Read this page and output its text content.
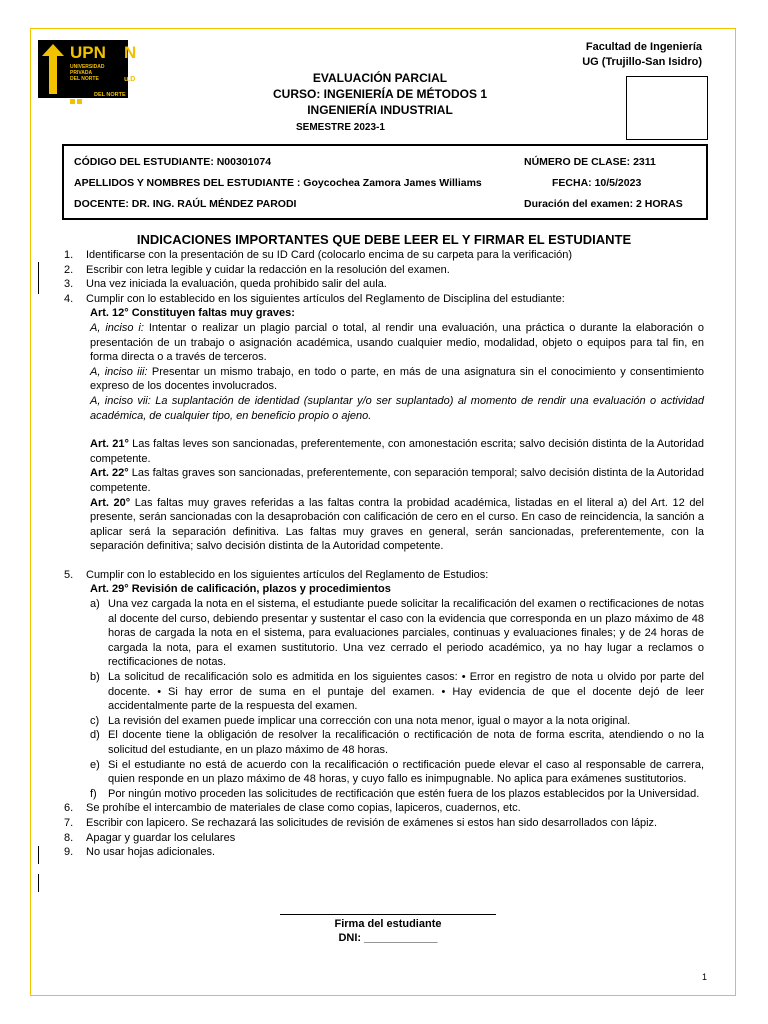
UPN N
UNIVERSIDAD PRIVADA DEL NORTE	u.D
DEL NORTE
Facultad de Ingeniería
UG (Trujillo-San Isidro)
EVALUACIÓN PARCIAL
CURSO: INGENIERÍA DE MÉTODOS 1
INGENIERÍA INDUSTRIAL
SEMESTRE 2023-1
CÓDIGO DEL ESTUDIANTE: N00301074	NÚMERO DE CLASE: 2311
APELLIDOS Y NOMBRES DEL ESTUDIANTE : Goycochea Zamora James Williams	FECHA: 10/5/2023
DOCENTE: DR. ING. RAÚL MÉNDEZ PARODI	Duración del examen: 2 HORAS
INDICACIONES IMPORTANTES QUE DEBE LEER EL Y FIRMAR EL ESTUDIANTE
1.	Identificarse con la presentación de su ID Card (colocarlo encima de su carpeta para la verificación)
2.	Escribir con letra legible y cuidar la redacción en la resolución del examen.
3.	Una vez iniciada la evaluación, queda prohibido salir del aula.
4.	Cumplir con lo establecido en los siguientes artículos del Reglamento de Disciplina del estudiante:
Art. 12° Constituyen faltas muy graves:
A, inciso i: Intentar o realizar un plagio parcial o total, al rendir una evaluación, una práctica o durante la elaboración o presentación de un trabajo o asignación académica, usando cualquier medio, modalidad, objeto o equipos para tal fin, en forma directa o a través de terceros.
A, inciso iii: Presentar un mismo trabajo, en todo o parte, en más de una asignatura sin el conocimiento y consentimiento expreso de los docentes involucrados.
A, inciso vii: La suplantación de identidad (suplantar y/o ser suplantado) al momento de rendir una evaluación o actividad académica, de cualquier tipo, en beneficio propio o ajeno.
Art. 21° Las faltas leves son sancionadas, preferentemente, con amonestación escrita; salvo decisión distinta de la Autoridad competente.
Art. 22° Las faltas graves son sancionadas, preferentemente, con separación temporal; salvo decisión distinta de la Autoridad competente.
Art. 20° Las faltas muy graves referidas a las faltas contra la probidad académica, listadas en el literal a) del Art. 12 del presente, serán sancionadas con la desaprobación con calificación de cero en el curso. En caso de reincidencia, la sanción a aplicar será la separación definitiva. Las faltas muy graves en general, serán sancionadas, preferentemente, con la separación definitiva; salvo decisión distinta de la Autoridad competente.
5.	Cumplir con lo establecido en los siguientes artículos del Reglamento de Estudios:
Art. 29° Revisión de calificación, plazos y procedimientos
a) Una vez cargada la nota en el sistema, el estudiante puede solicitar la recalificación del examen o rectificaciones de notas al docente del curso, debiendo presentar y sustentar el caso con la evidencia que corresponda en un plazo máximo de 48 horas de cargada la nota en el sistema, para evaluaciones parciales, continuas y evaluaciones finales; y de 24 horas de cargada la nota, para el examen sustitutorio. Una vez cerrado el periodo académico, ya no hay lugar a reclamos o rectificaciones de notas.
b) La solicitud de recalificación solo es admitida en los siguientes casos: • Error en registro de nota u olvido por parte del docente. • Si hay error de suma en el puntaje del examen. • Hay evidencia de que el docente dejó de leer accidentalmente parte de la respuesta del examen.
c) La revisión del examen puede implicar una corrección con una nota menor, igual o mayor a la nota original.
d) El docente tiene la obligación de resolver la recalificación o rectificación de nota de forma escrita, atendiendo o no la solicitud del estudiante, en un plazo máximo de 48 horas.
e) Si el estudiante no está de acuerdo con la recalificación o rectificación puede elevar el caso al responsable de carrera, quien responde en un plazo máximo de 48 horas, y cuyo fallo es inimpugnable. No aplica para exámenes sustitutorios.
f)	Por ningún motivo proceden las solicitudes de rectificación que estén fuera de los plazos establecidos por la Universidad.
6.	Se prohíbe el intercambio de materiales de clase como copias, lapiceros, cuadernos, etc.
7.	Escribir con lapicero. Se rechazará las solicitudes de revisión de exámenes si estos han sido desarrollados con lápiz.
8.	Apagar y guardar los celulares
9.	No usar hojas adicionales.
Firma del estudiante
DNI: ____________
1
